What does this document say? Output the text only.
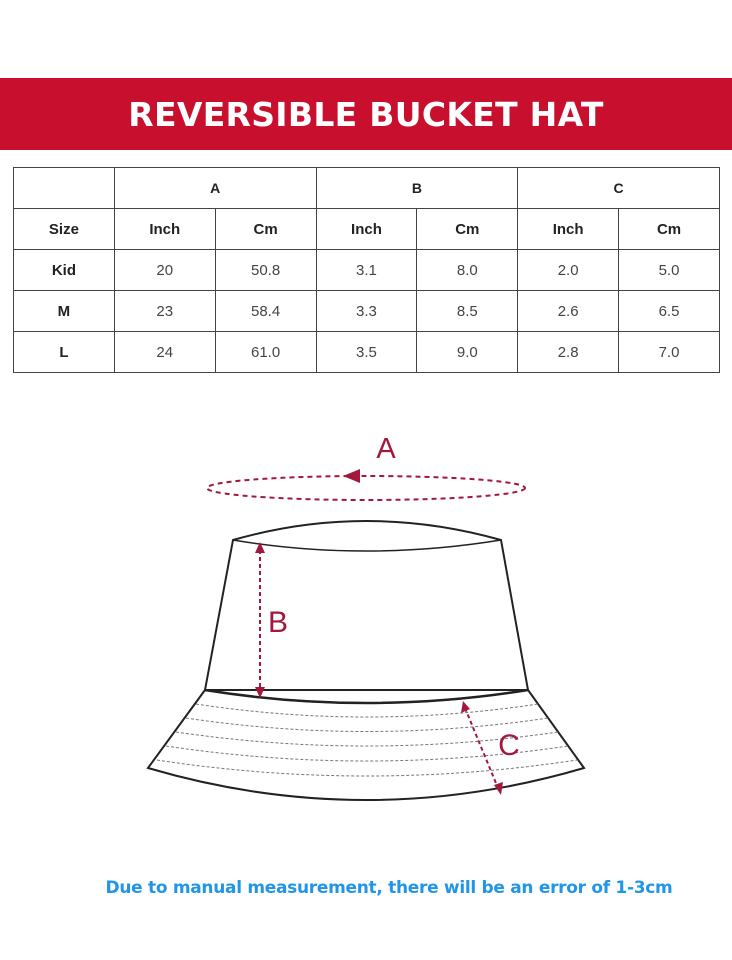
REVERSIBLE BUCKET HAT
	A		B		C	
Size	Inch	Cm	Inch	Cm	Inch	Cm
Kid	20	50.8	3.1	8.0	2.0	5.0
M	23	58.4	3.3	8.5	2.6	6.5
L	24	61.0	3.5	9.0	2.8	7.0
A
B
C
Due to manual measurement, there will be an error of 1-3cm
